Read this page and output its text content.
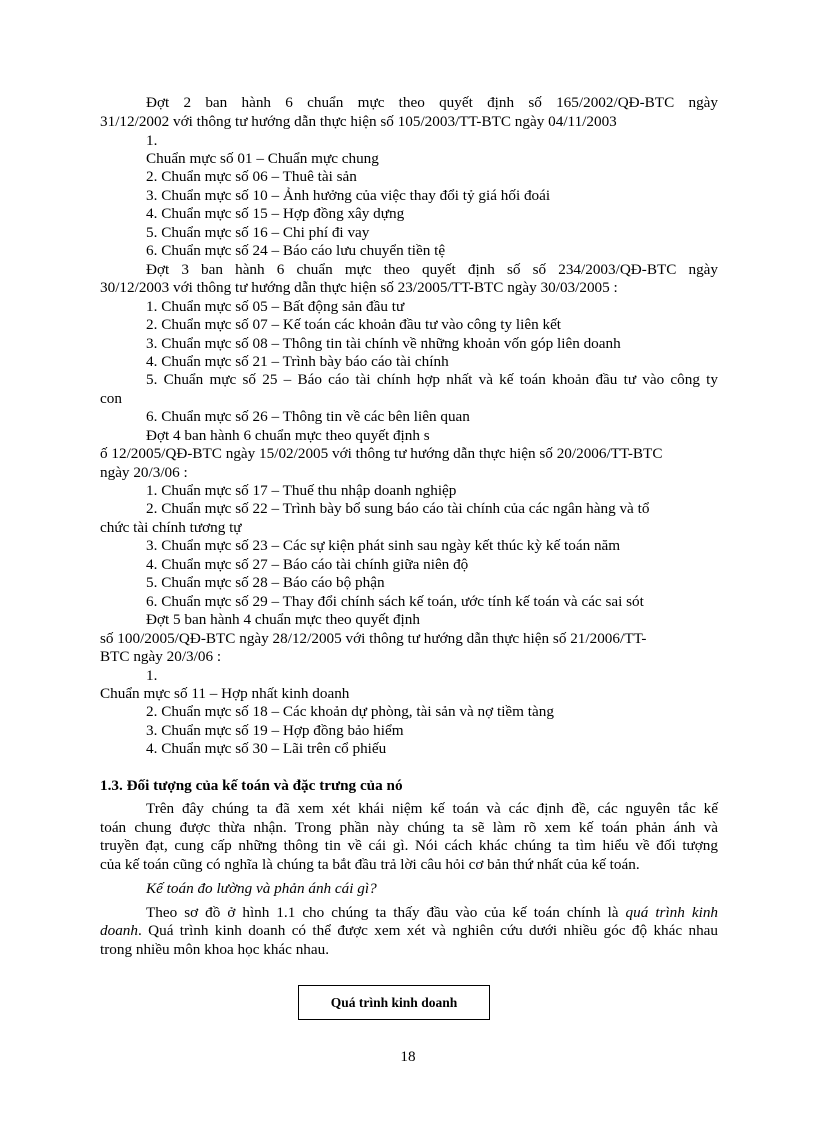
Đợt 2 ban hành 6 chuẩn mực theo quyết định số 165/2002/QĐ-BTC ngày
31/12/2002 với thông tư hướng dẫn thực hiện số 105/2003/TT-BTC ngày 04/11/2003
1.
Chuẩn mực số 01 – Chuẩn mực chung
2. Chuẩn mực số 06 – Thuê tài sản
3. Chuẩn mực số 10 – Ảnh hưởng của việc thay đổi tỷ giá hối đoái
4. Chuẩn mực số 15 – Hợp đồng xây dựng
5. Chuẩn mực số 16 – Chi phí đi vay
6. Chuẩn mực số 24 – Báo cáo lưu chuyển tiền tệ
Đợt 3 ban hành 6 chuẩn mực theo quyết định số số 234/2003/QĐ-BTC ngày
30/12/2003 với thông tư hướng dẫn thực hiện số 23/2005/TT-BTC ngày 30/03/2005 :
1. Chuẩn mực số 05 – Bất động sản đầu tư
2. Chuẩn mực số 07 – Kế toán các khoản đầu tư vào công ty liên kết
3. Chuẩn mực số 08 – Thông tin tài chính về những khoản vốn góp liên doanh
4. Chuẩn mực số 21 – Trình bày báo cáo tài chính
5. Chuẩn mực số 25 – Báo cáo tài chính hợp nhất và kế toán khoản đầu tư vào công ty
con
6. Chuẩn mực số 26 – Thông tin về các bên liên quan
Đợt 4 ban hành 6 chuẩn mực theo quyết định s
ố 12/2005/QĐ-BTC ngày 15/02/2005 với thông tư hướng dẫn thực hiện số 20/2006/TT-BTC
ngày 20/3/06 :
1. Chuẩn mực số 17 – Thuế thu nhập doanh nghiệp
2. Chuẩn mực số 22 – Trình bày bổ sung báo cáo tài chính của các ngân hàng và tổ
chức tài chính tương tự
3. Chuẩn mực số 23 – Các sự kiện phát sinh sau ngày kết thúc kỳ kế toán năm
4. Chuẩn mực số 27 – Báo cáo tài chính giữa niên độ
5. Chuẩn mực số 28 – Báo cáo bộ phận
6. Chuẩn mực số 29 – Thay đổi chính sách kế toán, ước tính kế toán và các sai sót
Đợt 5 ban hành 4 chuẩn mực theo quyết định
số 100/2005/QĐ-BTC ngày 28/12/2005 với thông tư hướng dẫn thực hiện số 21/2006/TT-
BTC ngày 20/3/06 :
1.
Chuẩn mực số 11 – Hợp nhất kinh doanh
2. Chuẩn mực số 18 – Các khoản dự phòng, tài sản và nợ tiềm tàng
3. Chuẩn mực số 19 – Hợp đồng bảo hiểm
4. Chuẩn mực số 30 – Lãi trên cổ phiếu
1.3. Đối tượng của kế toán và đặc trưng của nó
Trên đây chúng ta đã xem xét khái niệm kế toán và các định đề, các nguyên tắc kế
toán chung được thừa nhận. Trong phần này chúng ta sẽ làm rõ xem kế toán phản ánh và
truyền đạt, cung cấp những thông tin về cái gì. Nói cách khác chúng ta tìm hiểu về đối tượng
của kế toán cũng có nghĩa là chúng ta bắt đầu trả lời câu hỏi cơ bản thứ nhất của kế toán.
Kế toán đo lường và phản ánh cái gì?
Theo sơ đồ ở hình 1.1 cho chúng ta thấy đầu vào của kế toán chính là quá trình kinh
doanh. Quá trình kinh doanh có thể được xem xét và nghiên cứu dưới nhiều góc độ khác nhau
trong nhiều môn khoa học khác nhau.
Quá trình kinh doanh
18
